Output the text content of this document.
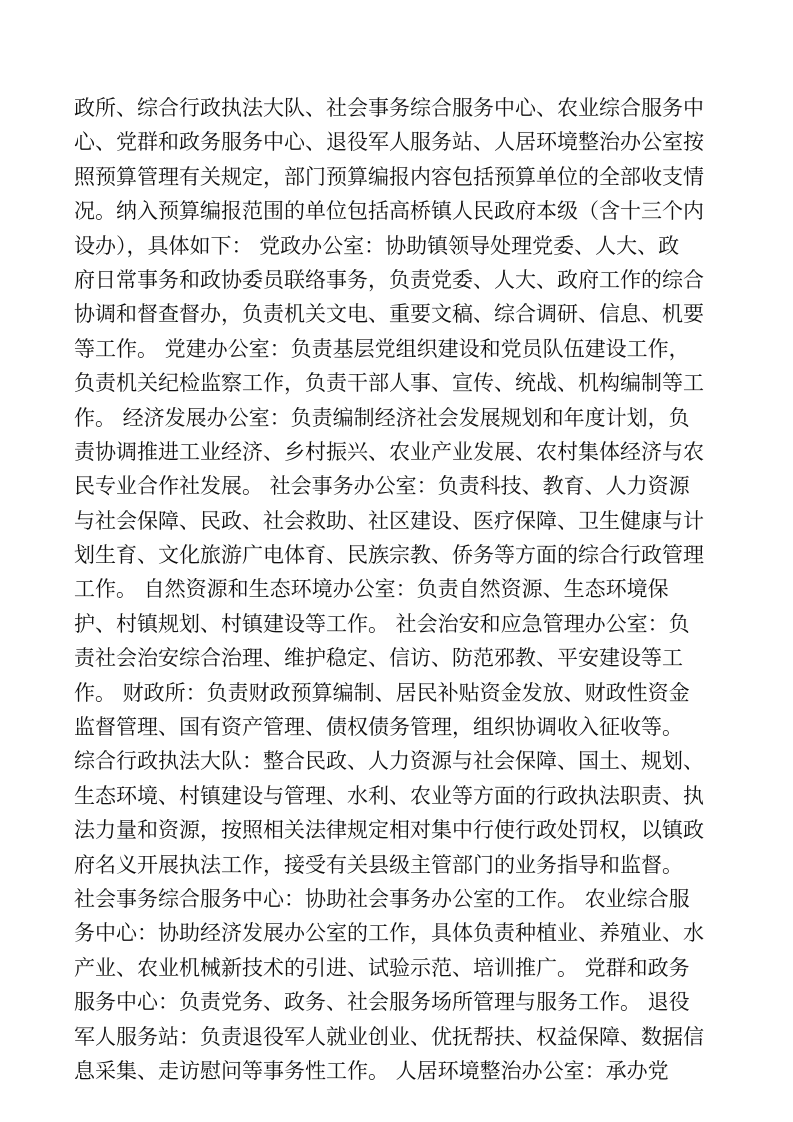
政所、综合行政执法大队、社会事务综合服务中心、农业综合服务中
心、党群和政务服务中心、退役军人服务站、人居环境整治办公室按
照预算管理有关规定，部门预算编报内容包括预算单位的全部收支情
况。纳入预算编报范围的单位包括高桥镇人民政府本级（含十三个内
设办），具体如下： 党政办公室：协助镇领导处理党委、人大、政
府日常事务和政协委员联络事务，负责党委、人大、政府工作的综合
协调和督查督办，负责机关文电、重要文稿、综合调研、信息、机要
等工作。 党建办公室：负责基层党组织建设和党员队伍建设工作，
负责机关纪检监察工作，负责干部人事、宣传、统战、机构编制等工
作。 经济发展办公室：负责编制经济社会发展规划和年度计划，负
责协调推进工业经济、乡村振兴、农业产业发展、农村集体经济与农
民专业合作社发展。 社会事务办公室：负责科技、教育、人力资源
与社会保障、民政、社会救助、社区建设、医疗保障、卫生健康与计
划生育、文化旅游广电体育、民族宗教、侨务等方面的综合行政管理
工作。 自然资源和生态环境办公室：负责自然资源、生态环境保
护、村镇规划、村镇建设等工作。 社会治安和应急管理办公室：负
责社会治安综合治理、维护稳定、信访、防范邪教、平安建设等工
作。 财政所：负责财政预算编制、居民补贴资金发放、财政性资金
监督管理、国有资产管理、债权债务管理，组织协调收入征收等。
综合行政执法大队：整合民政、人力资源与社会保障、国土、规划、
生态环境、村镇建设与管理、水利、农业等方面的行政执法职责、执
法力量和资源，按照相关法律规定相对集中行使行政处罚权，以镇政
府名义开展执法工作，接受有关县级主管部门的业务指导和监督。
社会事务综合服务中心：协助社会事务办公室的工作。 农业综合服
务中心：协助经济发展办公室的工作，具体负责种植业、养殖业、水
产业、农业机械新技术的引进、试验示范、培训推广。 党群和政务
服务中心：负责党务、政务、社会服务场所管理与服务工作。 退役
军人服务站：负责退役军人就业创业、优抚帮扶、权益保障、数据信
息采集、走访慰问等事务性工作。 人居环境整治办公室：承办党
